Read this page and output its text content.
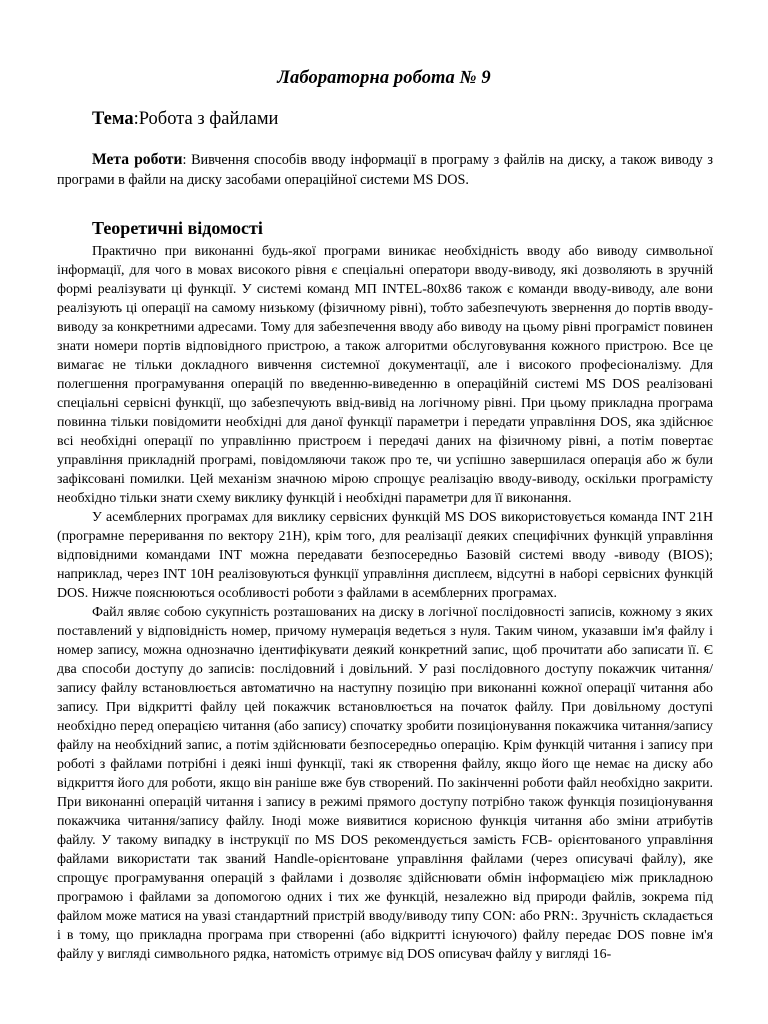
Лабораторна робота № 9
Тема:Робота з файлами
Мета роботи: Вивчення способів вводу інформації в програму з файлів на диску, а також виводу з програми в файли на диску засобами операційної системи MS DOS.
Теоретичні відомості

Практично при виконанні будь-якої програми виникає необхідність вводу або виводу символьної інформації, для чого в мовах високого рівня є спеціальні оператори вводу-виводу, які дозволяють в зручній формі реалізувати ці функції. У системі команд МП INTEL-80x86 також є команди вводу-виводу, але вони реалізують ці операції на самому низькому (фізичному рівні), тобто забезпечують звернення до портів вводу-виводу за конкретними адресами. Тому для забезпечення вводу або виводу на цьому рівні програміст повинен знати номери портів відповідного пристрою, а також алгоритми обслуговування кожного пристрою. Все це вимагає не тільки докладного вивчення системної документації, але і високого професіоналізму. Для полегшення програмування операцій по введенню-виведенню в операційній системі MS DOS реалізовані спеціальні сервісні функції, що забезпечують ввід-вивід на логічному рівні. При цьому прикладна програма повинна тільки повідомити необхідні для даної функції параметри і передати управління DOS, яка здійснює всі необхідні операції по управлінню пристроєм і передачі даних на фізичному рівні, а потім повертає управління прикладній програмі, повідомляючи також про те, чи успішно завершилася операція або ж були зафіксовані помилки. Цей механізм значною мірою спрощує реалізацію вводу-виводу, оскільки програмісту необхідно тільки знати схему виклику функцій і необхідні параметри для її виконання.

У асемблерних програмах для виклику сервісних функцій MS DOS використовується команда INT 21H (програмне переривання по вектору 21H), крім того, для реалізації деяких специфічних функцій управління відповідними командами INT можна передавати безпосередньо Базовій системі вводу -виводу (BIOS); наприклад, через INT 10H реалізовуються функції управління дисплеєм, відсутні в наборі сервісних функцій DOS. Нижче пояснюються особливості роботи з файлами в асемблерних програмах.

Файл являє собою сукупність розташованих на диску в логічної послідовності записів, кожному з яких поставлений у відповідність номер, причому нумерація ведеться з нуля. Таким чином, указавши ім'я файлу і номер запису, можна однозначно ідентифікувати деякий конкретний запис, щоб прочитати або записати її. Є два способи доступу до записів: послідовний і довільний. У разі послідовного доступу покажчик читання/запису файлу встановлюється автоматично на наступну позицію при виконанні кожної операції читання або запису. При відкритті файлу цей покажчик встановлюється на початок файлу. При довільному доступі необхідно перед операцією читання (або запису) спочатку зробити позиціонування покажчика читання/запису файлу на необхідний запис, а потім здійснювати безпосередньо операцію. Крім функцій читання і запису при роботі з файлами потрібні і деякі інші функції, такі як створення файлу, якщо його ще немає на диску або відкриття його для роботи, якщо він раніше вже був створений. По закінченні роботи файл необхідно закрити. При виконанні операцій читання і запису в режимі прямого доступу потрібно також функція позиціонування покажчика читання/запису файлу. Іноді може виявитися корисною функція читання або зміни атрибутів файлу. У такому випадку в інструкції по MS DOS рекомендується замість FCB- орієнтованого управління файлами використати так званий Handle-орієнтоване управління файлами (через описувачі файлу), яке спрощує програмування операцій з файлами і дозволяє здійснювати обмін інформацією між прикладною програмою і файлами за допомогою одних і тих же функцій, незалежно від природи файлів, зокрема під файлом може матися на увазі стандартний пристрій вводу/виводу типу CON: або PRN:. Зручність складається і в тому, що прикладна програма при створенні (або відкритті існуючого) файлу передає DOS повне ім'я файлу у вигляді символьного рядка, натомість отримує від DOS описувач файлу у вигляді 16-
